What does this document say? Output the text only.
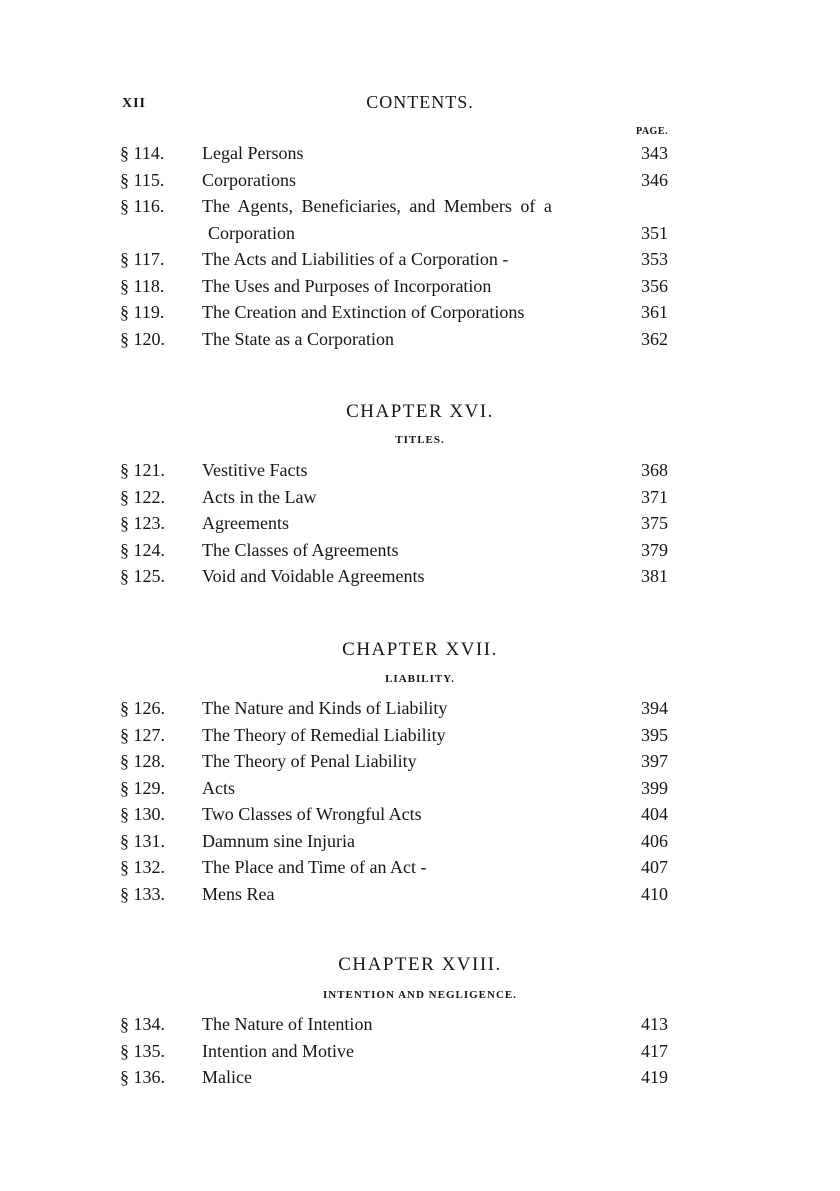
XII	CONTENTS.
PAGE.
§ 114.	Legal Persons	343
§ 115.	Corporations	346
§ 116.	The Agents, Beneficiaries, and Members of a
Corporation	351
§ 117.	The Acts and Liabilities of a Corporation -	353
§ 118.	The Uses and Purposes of Incorporation	356
§ 119.	The Creation and Extinction of Corporations	361
§ 120.	The State as a Corporation	362
CHAPTER XVI.
TITLES.
§ 121.	Vestitive Facts	368
§ 122.	Acts in the Law	371
§ 123.	Agreements	375
§ 124.	The Classes of Agreements	379
§ 125.	Void and Voidable Agreements	381
CHAPTER XVII.
LIABILITY.
§ 126.	The Nature and Kinds of Liability	394
§ 127.	The Theory of Remedial Liability	395
§ 128.	The Theory of Penal Liability	397
§ 129.	Acts	399
§ 130.	Two Classes of Wrongful Acts	404
§ 131.	Damnum sine Injuria	406
§ 132.	The Place and Time of an Act -	407
§ 133.	Mens Rea	410
CHAPTER XVIII.
INTENTION AND NEGLIGENCE.
§ 134.	The Nature of Intention	413
§ 135.	Intention and Motive	417
§ 136.	Malice	419
